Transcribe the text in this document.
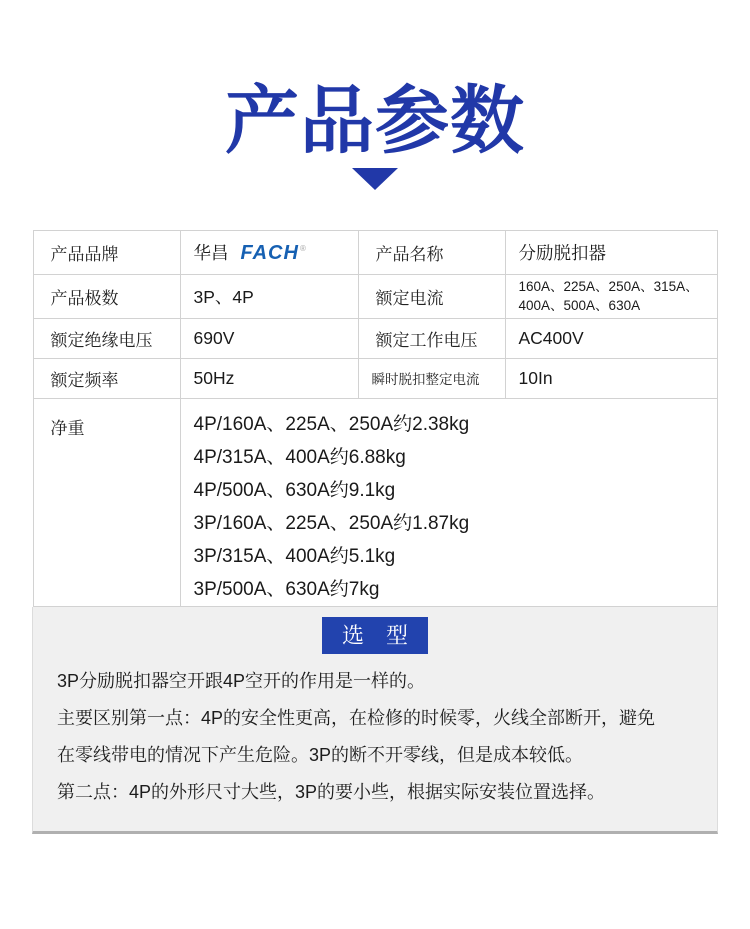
产品参数
产品品牌	华昌 FACH®	产品名称	分励脱扣器
产品极数	3P、4P	额定电流	160A、225A、250A、315A、
400A、500A、630A

额定绝缘电压	690V	额定工作电压	AC400V
额定频率	50Hz	瞬时脱扣整定电流	10In
净重	4P/160A、225A、250A约2.38kg
4P/315A、400A约6.88kg
4P/500A、630A约9.1kg
3P/160A、225A、250A约1.87kg
3P/315A、400A约5.1kg
3P/500A、630A约7kg
选　型

3P分励脱扣器空开跟4P空开的作用是一样的。

主要区别第一点：4P的安全性更高，在检修的时候零，火线全部断开，避免在零线带电的情况下产生危险。3P的断不开零线，但是成本较低。

第二点：4P的外形尺寸大些，3P的要小些，根据实际安装位置选择。
